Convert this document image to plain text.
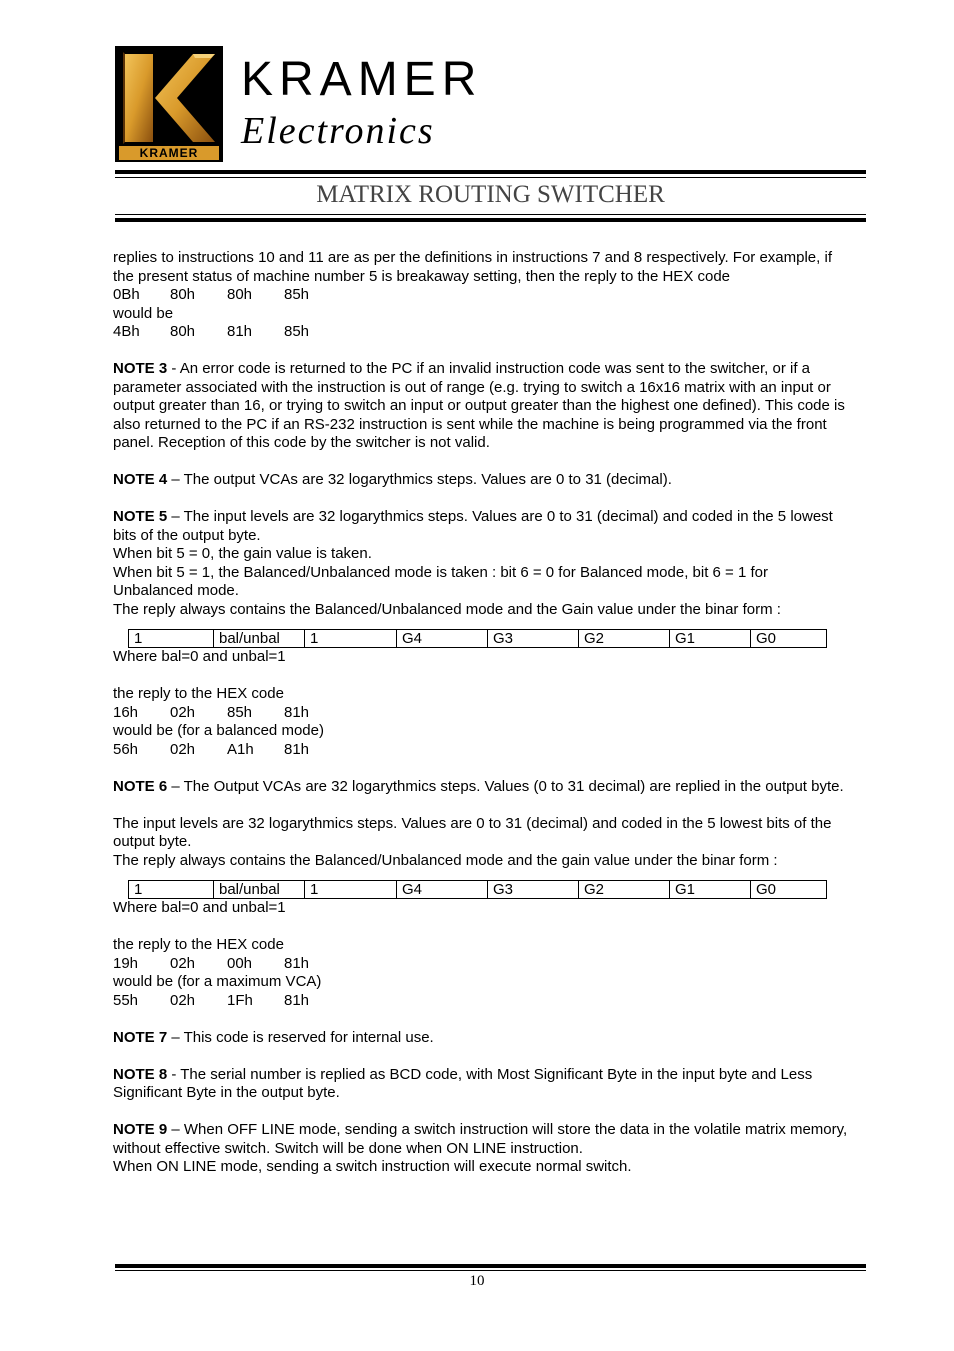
KRAMER
KRAMER
Electronics
MATRIX ROUTING SWITCHER

replies to instructions 10 and 11 are as per the definitions in instructions 7 and 8 respectively. For example, if the present status of machine number 5 is breakaway setting, then the reply to the HEX code

0Bh	80h	80h	85h

would be

4Bh	80h	81h	85h

NOTE 3 - An error code is returned to the PC if an invalid instruction code was sent to the switcher, or if a parameter associated with the instruction is out of range (e.g. trying to switch a 16x16 matrix with an input or output greater than 16, or trying to switch an input or output greater than the highest one defined). This code is also returned to the PC if an RS-232 instruction is sent while the machine is being programmed via the front panel. Reception of this code by the switcher is not valid.

NOTE 4 – The output VCAs are 32 logarythmics steps. Values are 0 to 31 (decimal).

NOTE 5 – The input levels are 32 logarythmics steps. Values are 0 to 31 (decimal) and coded in the 5 lowest bits of the output byte.

When bit 5 = 0, the gain value is taken.

When bit 5 = 1, the Balanced/Unbalanced mode is taken : bit 6 = 0 for Balanced mode, bit 6 = 1 for Unbalanced mode.

The reply always contains the Balanced/Unbalanced mode and the Gain value under the binar form :

1	bal/unbal	1	G4	G3	G2	G1	G0

Where bal=0 and unbal=1

the reply to the HEX code

16h	02h	85h	81h

would be (for a balanced mode)

56h	02h	A1h	81h

NOTE 6 – The Output VCAs are 32 logarythmics steps. Values (0 to 31 decimal) are replied in the output byte.

The input levels are 32 logarythmics steps. Values are 0 to 31 (decimal) and coded in the 5 lowest bits of the output byte.

The reply always contains the Balanced/Unbalanced mode and the gain value under the binar form :

1	bal/unbal	1	G4	G3	G2	G1	G0

Where bal=0 and unbal=1

the reply to the HEX code

19h	02h	00h	81h

would be (for a maximum VCA)

55h	02h	1Fh	81h

NOTE 7 – This code is reserved for internal use.

NOTE 8 - The serial number is replied as BCD code, with Most Significant Byte in the input byte and Less Significant Byte in the output byte.

NOTE 9 – When OFF LINE mode, sending a switch instruction will store the data in the volatile matrix memory, without effective switch. Switch will be done when ON LINE instruction.

When ON LINE mode, sending a switch instruction will execute normal switch.

10
